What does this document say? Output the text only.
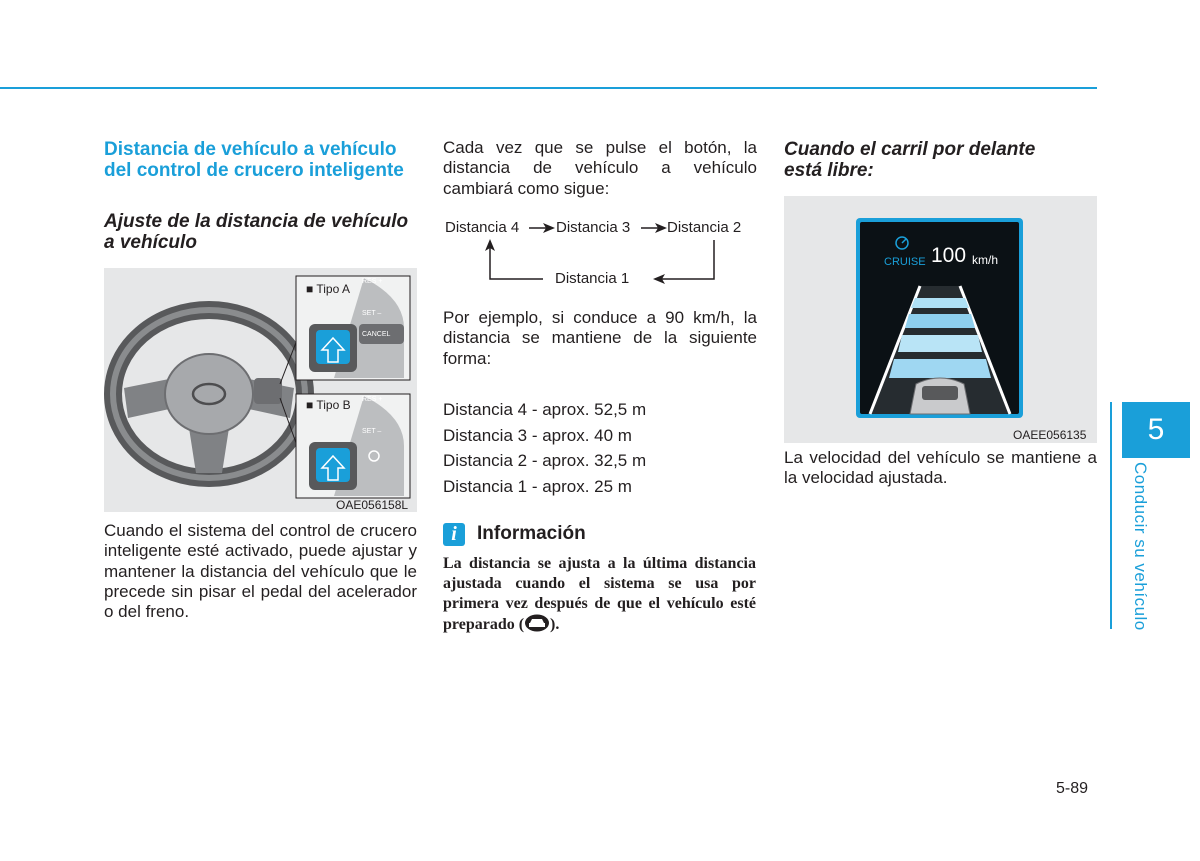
Distancia de vehículo a vehículo del control de crucero inteligente
Ajuste de la distancia de vehículo a vehículo
■ Tipo A
RES +
SET –
CANCEL
■ Tipo B RES +
SET –
OAE056158L

Cuando el sistema del control de crucero inteligente esté activado, puede ajustar y mantener la distancia del vehículo que le precede sin pisar el pedal del acelerador o del freno.

Cada vez que se pulse el botón, la distancia de vehículo a vehículo cambiará como sigue:

Distancia 4 Distancia 3 Distancia 2
Distancia 1

Por ejemplo, si conduce a 90 km/h, la distancia se mantiene de la siguiente forma:

Distancia 4 - aprox. 52,5 m
Distancia 3 - aprox. 40 m
Distancia 2 - aprox. 32,5 m
Distancia 1 - aprox. 25 m
i	Información

La distancia se ajusta a la última distancia ajustada cuando el sistema se usa por primera vez después de que el vehículo esté preparado ( ).

Cuando el carril por delante está libre:
CRUISE 100 km/h
OAEE056135

La velocidad del vehículo se mantiene a la velocidad ajustada.

5
Conducir su vehículo
5-89
